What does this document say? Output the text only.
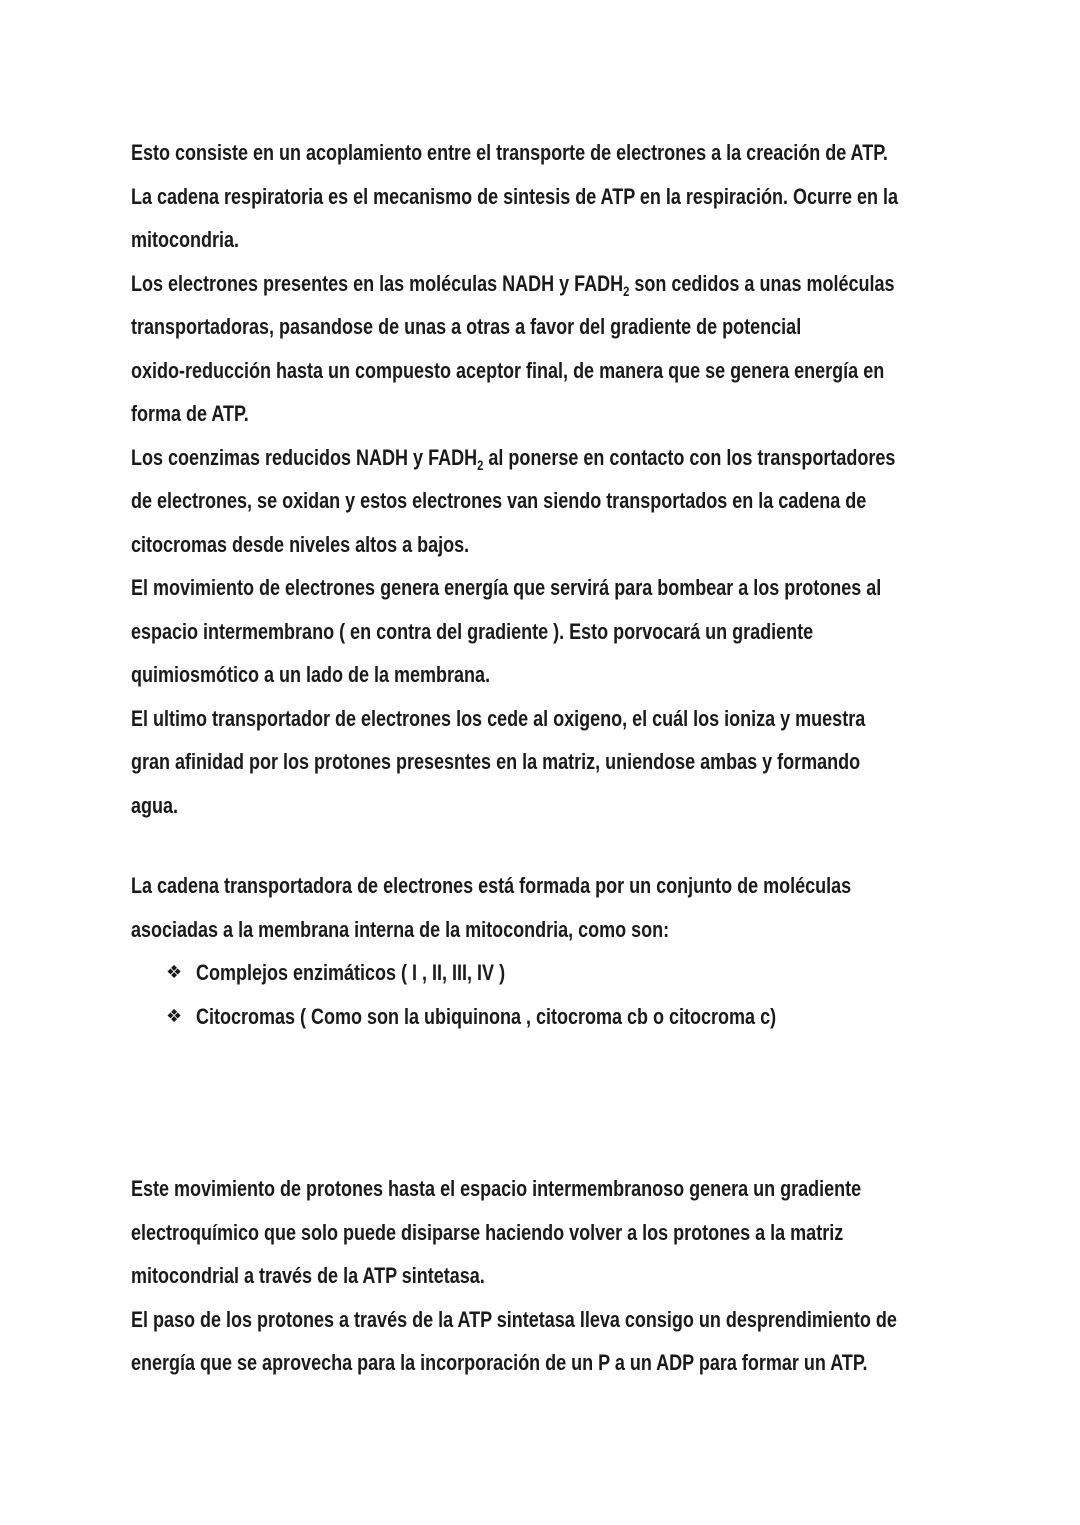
Esto consiste en un acoplamiento entre el transporte de electrones a la creación de ATP.
La cadena respiratoria es el mecanismo de sintesis de ATP en la respiración. Ocurre en la
mitocondria.
Los electrones presentes en las moléculas NADH y $FADH_2$ son cedidos a unas moléculas
transportadoras, pasandose de unas a otras a favor del gradiente de potencial
oxido-reducción hasta un compuesto aceptor final, de manera que se genera energía en
forma de ATP.
Los coenzimas reducidos NADH y $FADH_2$ al ponerse en contacto con los transportadores
de electrones, se oxidan y estos electrones van siendo transportados en la cadena de
citocromas desde niveles altos a bajos.
El movimiento de electrones genera energía que servirá para bombear a los protones al
espacio intermembrano ( en contra del gradiente ). Esto porvocará un gradiente
quimiosmótico a un lado de la membrana.
El ultimo transportador de electrones los cede al oxigeno, el cuál los ioniza y muestra
gran afinidad por los protones presesntes en la matriz, uniendose ambas y formando
agua.
La cadena transportadora de electrones está formada por un conjunto de moléculas
asociadas a la membrana interna de la mitocondria, como son:
❖ Complejos enzimáticos ( I , II, III, IV )
❖ Citocromas ( Como son la ubiquinona , citocroma cb o citocroma c)
Este movimiento de protones hasta el espacio intermembranoso genera un gradiente
electroquímico que solo puede disiparse haciendo volver a los protones a la matriz
mitocondrial a través de la ATP sintetasa.
El paso de los protones a través de la ATP sintetasa lleva consigo un desprendimiento de
energía que se aprovecha para la incorporación de un P a un ADP para formar un ATP.
